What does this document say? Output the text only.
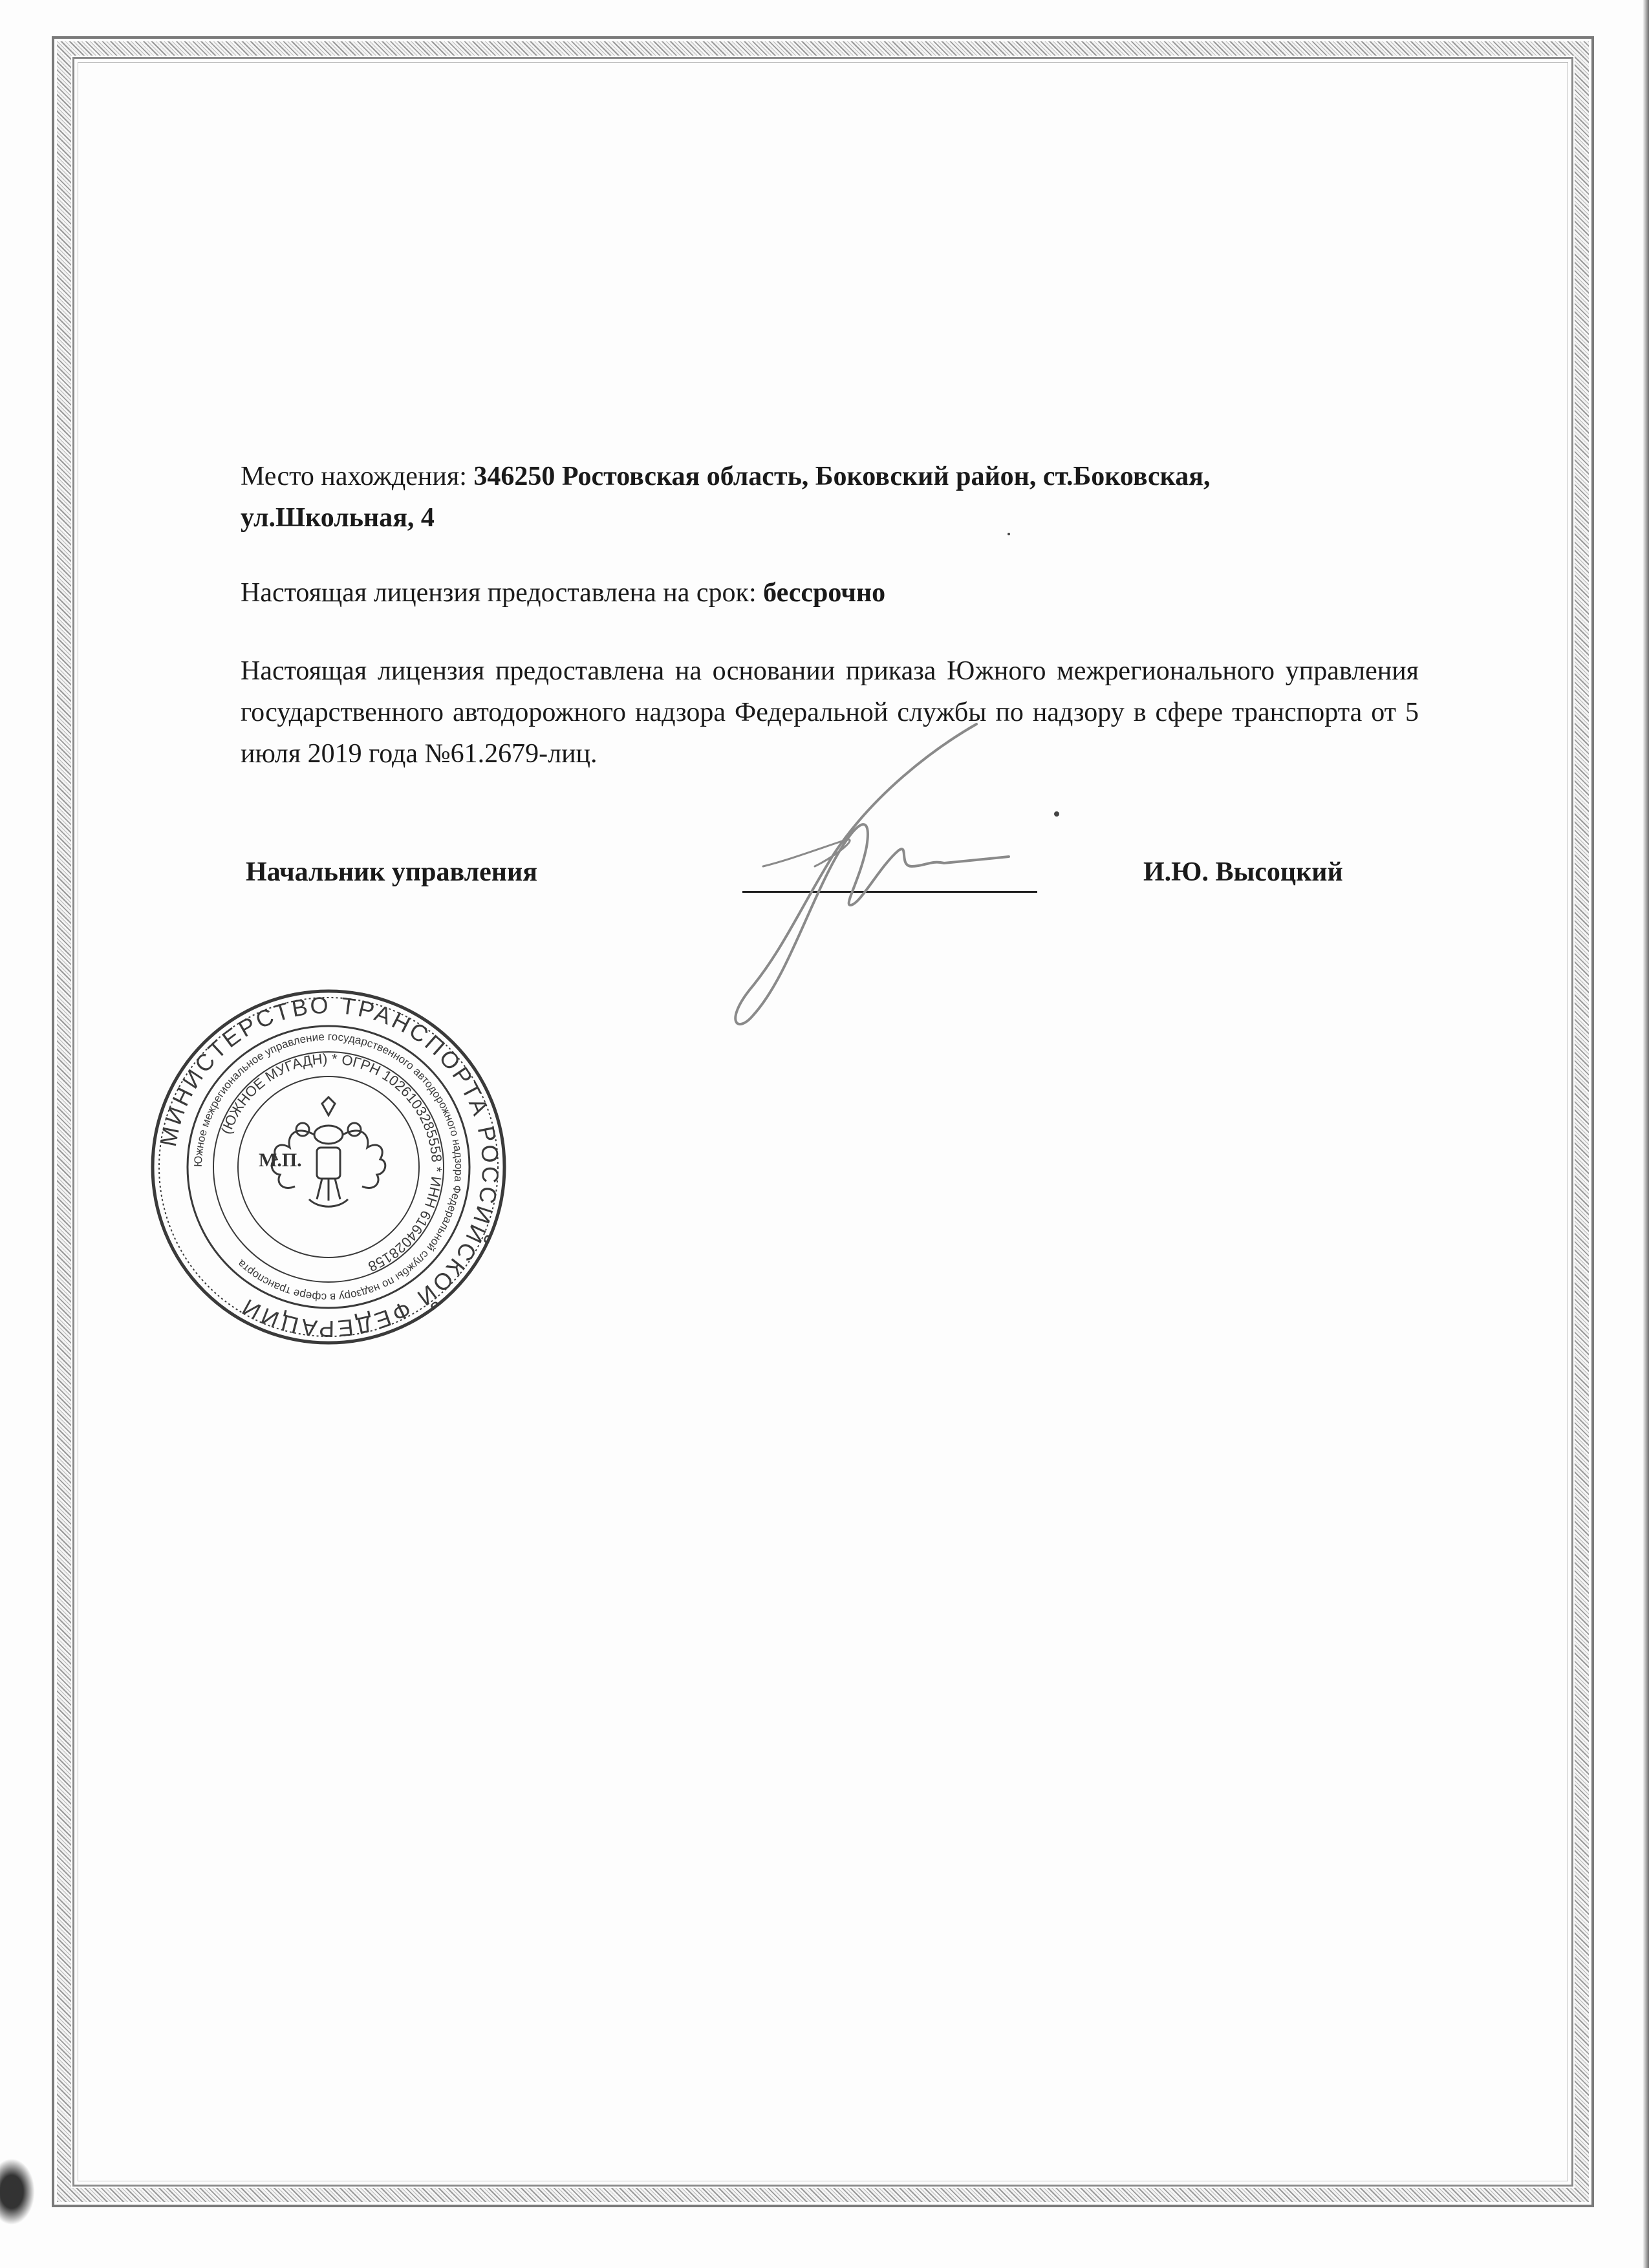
Место нахождения: 346250 Ростовская область, Боковский район, ст.Боковская,
ул.Школьная, 4
Настоящая лицензия предоставлена на срок: бессрочно
Настоящая лицензия предоставлена на основании приказа Южного межрегионального управления государственного автодорожного надзора Федеральной службы по надзору в сфере транспорта от 5 июля 2019 года №61.2679-лиц.
Начальник управления	И.Ю. Высоцкий
МИНИСТЕРСТВО ТРАНСПОРТА РОССИЙСКОЙ ФЕДЕРАЦИИ
Южное межрегиональное управление государственного автодорожного надзора Федеральной службы по надзору в сфере транспорта
(ЮЖНОЕ МУГАДН) * ОГРН 1026103285558 * ИНН 6164028158
М.П.
